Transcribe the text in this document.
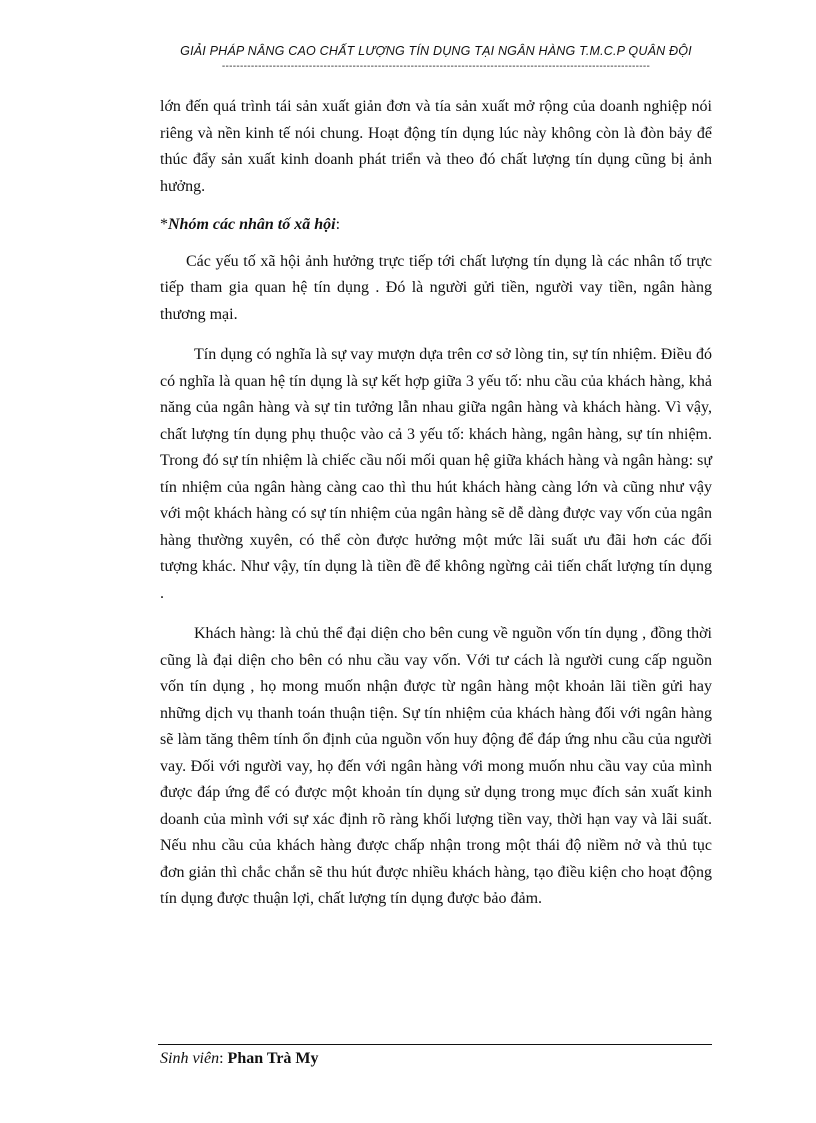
GIẢI PHÁP NÂNG CAO CHẤT LƯỢNG TÍN DỤNG TẠI NGÂN HÀNG T.M.C.P QUÂN ĐỘI
----------------------------------------------------------------------------------------------------------------------

lớn đến quá trình tái sản xuất giản đơn và tía sản xuất mở rộng của doanh nghiệp nói riêng và nền kinh tế nói chung. Hoạt động tín dụng lúc này không còn là đòn bảy để thúc đẩy sản xuất kinh doanh phát triển và theo đó chất lượng tín dụng cũng bị ảnh hưởng.

*Nhóm các nhân tố xã hội:

Các yếu tố xã hội ảnh hưởng trực tiếp tới chất lượng tín dụng là các nhân tố trực tiếp tham gia quan hệ tín dụng . Đó là người gửi tiền, người vay tiền, ngân hàng thương mại.

Tín dụng có nghĩa là sự vay mượn dựa trên cơ sở lòng tin, sự tín nhiệm. Điều đó có nghĩa là quan hệ tín dụng là sự kết hợp giữa 3 yếu tố: nhu cầu của khách hàng, khả năng của ngân hàng và sự tin tưởng lẫn nhau giữa ngân hàng và khách hàng. Vì vậy, chất lượng tín dụng phụ thuộc vào cả 3 yếu tố: khách hàng, ngân hàng, sự tín nhiệm. Trong đó sự tín nhiệm là chiếc cầu nối mối quan hệ giữa khách hàng và ngân hàng: sự tín nhiệm của ngân hàng càng cao thì thu hút khách hàng càng lớn và cũng như vậy với một khách hàng có sự tín nhiệm của ngân hàng sẽ dễ dàng được vay vốn của ngân hàng thường xuyên, có thể còn được hưởng một mức lãi suất ưu đãi hơn các đối tượng khác. Như vậy, tín dụng là tiền đề để không ngừng cải tiến chất lượng tín dụng .

Khách hàng: là chủ thể đại diện cho bên cung về nguồn vốn tín dụng , đồng thời cũng là đại diện cho bên có nhu cầu vay vốn. Với tư cách là người cung cấp nguồn vốn tín dụng , họ mong muốn nhận được từ ngân hàng một khoản lãi tiền gửi hay những dịch vụ thanh toán thuận tiện. Sự tín nhiệm của khách hàng đối với ngân hàng sẽ làm tăng thêm tính ổn định của nguồn vốn huy động để đáp ứng nhu cầu của người vay. Đối với người vay, họ đến với ngân hàng với mong muốn nhu cầu vay của mình được đáp ứng để có được một khoản tín dụng sử dụng trong mục đích sản xuất kinh doanh của mình với sự xác định rõ ràng khối lượng tiền vay, thời hạn vay và lãi suất. Nếu nhu cầu của khách hàng được chấp nhận trong một thái độ niềm nở và thủ tục đơn giản thì chắc chắn sẽ thu hút được nhiều khách hàng, tạo điều kiện cho hoạt động tín dụng được thuận lợi, chất lượng tín dụng được bảo đảm.

Sinh viên: Phan Trà My
